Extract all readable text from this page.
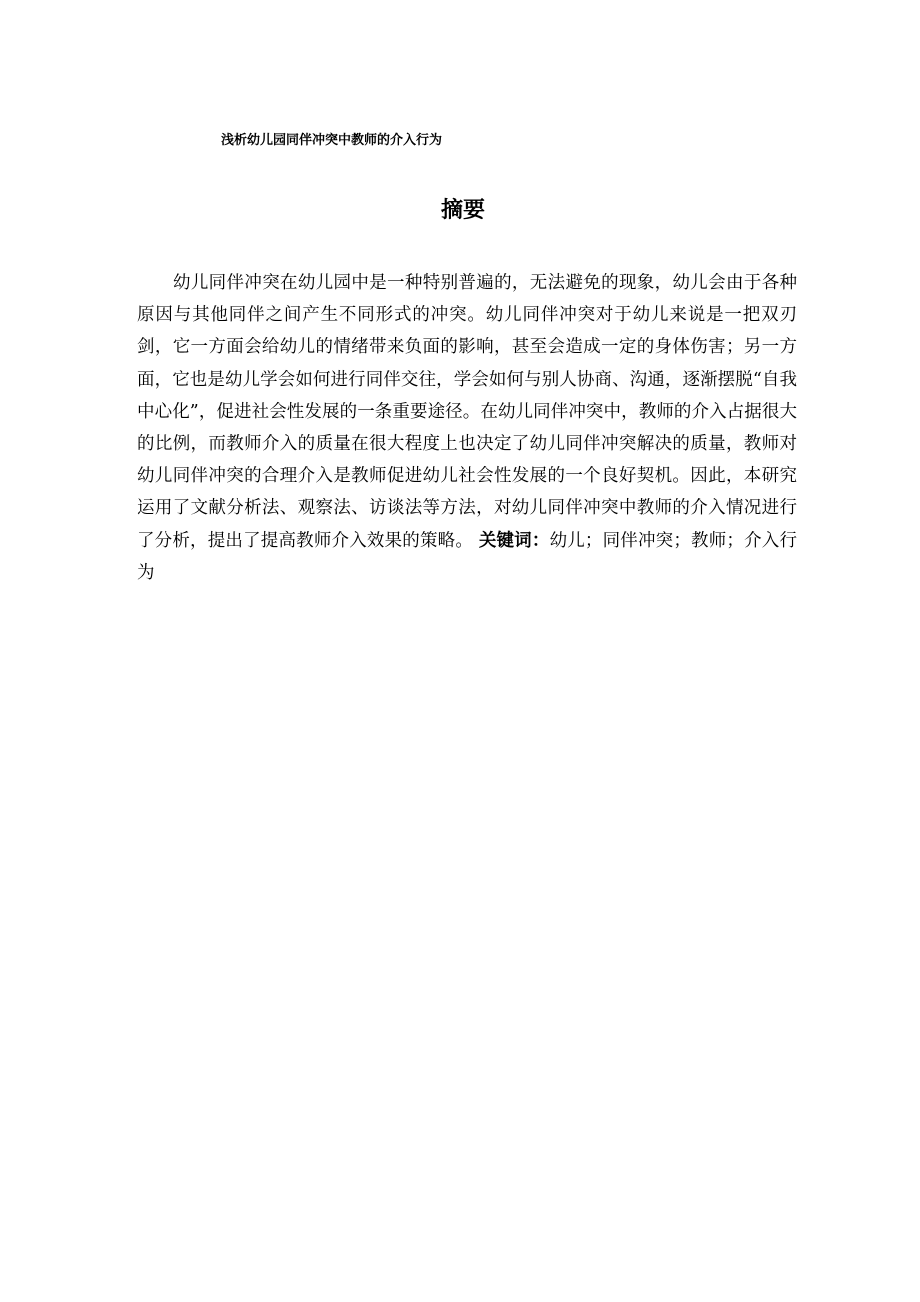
浅析幼儿园同伴冲突中教师的介入行为
摘要

幼儿同伴冲突在幼儿园中是一种特别普遍的，无法避免的现象，幼儿会由于各种原因与其他同伴之间产生不同形式的冲突。幼儿同伴冲突对于幼儿来说是一把双刃剑，它一方面会给幼儿的情绪带来负面的影响，甚至会造成一定的身体伤害；另一方面，它也是幼儿学会如何进行同伴交往，学会如何与别人协商、沟通，逐渐摆脱“自我中心化”，促进社会性发展的一条重要途径。在幼儿同伴冲突中，教师的介入占据很大的比例，而教师介入的质量在很大程度上也决定了幼儿同伴冲突解决的质量，教师对幼儿同伴冲突的合理介入是教师促进幼儿社会性发展的一个良好契机。因此，本研究运用了文献分析法、观察法、访谈法等方法，对幼儿同伴冲突中教师的介入情况进行了分析，提出了提高教师介入效果的策略。 关键词：幼儿；同伴冲突；教师；介入行为
